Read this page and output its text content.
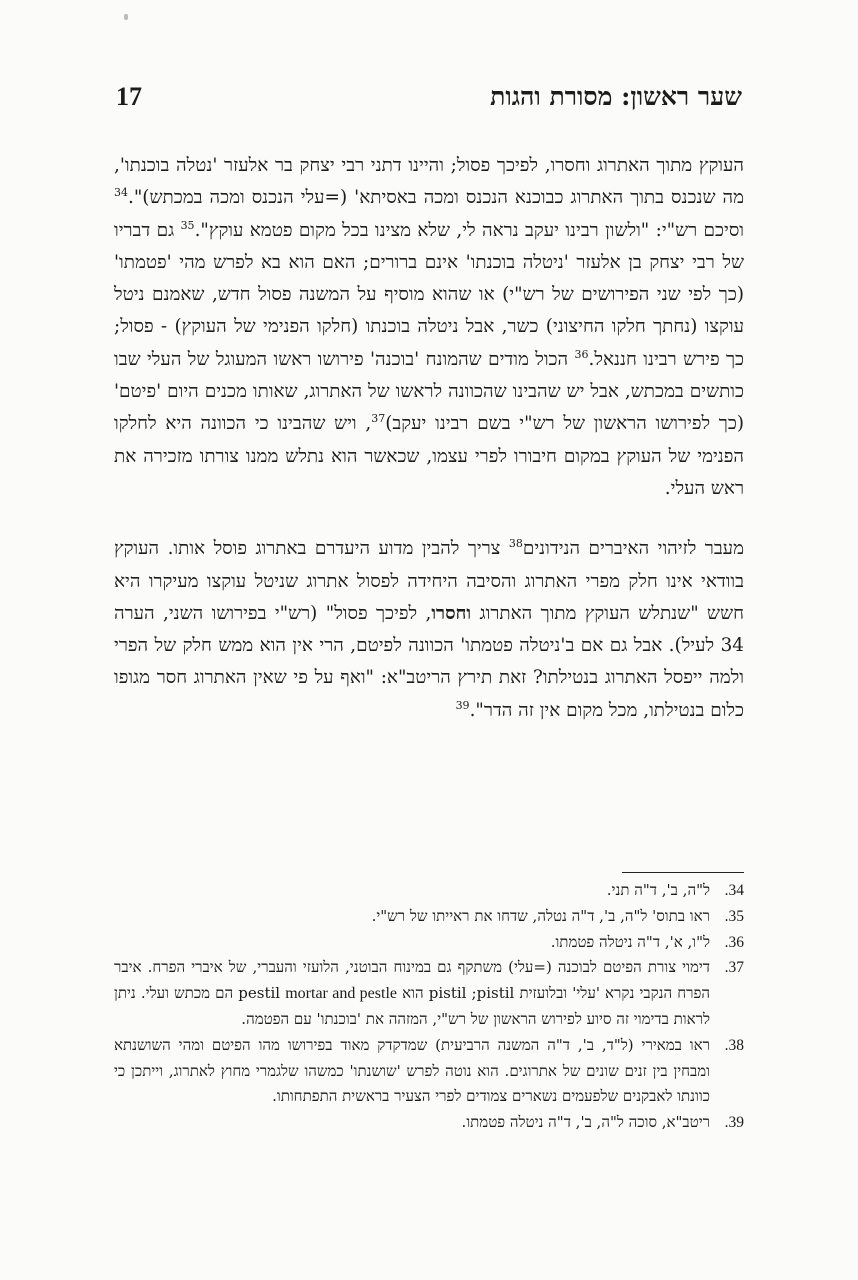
שער ראשון: מסורת והגות
17

העוקץ מתוך האתרוג וחסרו, לפיכך פסול; והיינו דתני רבי יצחק בר אלעזר 'נטלה בוכנתו', מה שנכנס בתוך האתרוג כבוכנא הנכנס ומכה באסיתא' (=עלי הנכנס ומכה במכתש)".$^{34}$ וסיכם רש"י: "ולשון רבינו יעקב נראה לי, שלא מצינו בכל מקום פטמא עוקץ".$^{35}$ גם דבריו של רבי יצחק בן אלעזר 'ניטלה בוכנתו' אינם ברורים; האם הוא בא לפרש מהי 'פטמתו' (כך לפי שני הפירושים של רש"י) או שהוא מוסיף על המשנה פסול חדש, שאמנם ניטל עוקצו (נחתך חלקו החיצוני) כשר, אבל ניטלה בוכנתו (חלקו הפנימי של העוקץ) - פסול; כך פירש רבינו חננאל.$^{36}$ הכול מודים שהמונח 'בוכנה' פירושו ראשו המעוגל של העלי שבו כותשים במכתש, אבל יש שהבינו שהכוונה לראשו של האתרוג, שאותו מכנים היום 'פיטם' (כך לפירושו הראשון של רש"י בשם רבינו יעקב)$^{37}$, ויש שהבינו כי הכוונה היא לחלקו הפנימי של העוקץ במקום חיבורו לפרי עצמו, שכאשר הוא נתלש ממנו צורתו מזכירה את ראש העלי.

מעבר לזיהוי האיברים הנידונים$^{38}$ צריך להבין מדוע היעדרם באתרוג פוסל אותו. העוקץ בוודאי אינו חלק מפרי האתרוג והסיבה היחידה לפסול אתרוג שניטל עוקצו מעיקרו היא חשש "שנתלש העוקץ מתוך האתרוג וחסרו, לפיכך פסול" (רש"י בפירושו השני, הערה 34 לעיל). אבל גם אם ב'ניטלה פטמתו' הכוונה לפיטם, הרי אין הוא ממש חלק של הפרי ולמה ייפסל האתרוג בנטילתו? זאת תירץ הריטב"א: "ואף על פי שאין האתרוג חסר מגופו כלום בנטילתו, מכל מקום אין זה הדר".$^{39}$

34.
ל"ה, ב', ד"ה תני.
35.
ראו בתוס' ל"ה, ב', ד"ה נטלה, שדחו את ראייתו של רש"י.
36.
ל"ו, א', ד"ה ניטלה פטמתו.
37.
דימוי צורת הפיטם לבוכנה (=עלי) משתקף גם במינוח הבוטני, הלועזי והעברי, של איברי הפרח. איבר הפרח הנקבי נקרא 'עלי' ובלועזית pistil ;pistil הוא pestil mortar and pestle הם מכתש ועלי. ניתן לראות בדימוי זה סיוע לפירוש הראשון של רש"י, המזהה את 'בוכנתו' עם הפטמה.
38.
ראו במאירי (ל"ד, ב', ד"ה המשנה הרביעית) שמדקדק מאוד בפירושו מהו הפיטם ומהי השושנתא ומבחין בין זנים שונים של אתרוגים. הוא נוטה לפרש 'שושנתו' כמשהו שלגמרי מחוץ לאתרוג, וייתכן כי כוונתו לאבקנים שלפעמים נשארים צמודים לפרי הצעיר בראשית התפתחותו.
39.
ריטב"א, סוכה ל"ה, ב', ד"ה ניטלה פטמתו.
